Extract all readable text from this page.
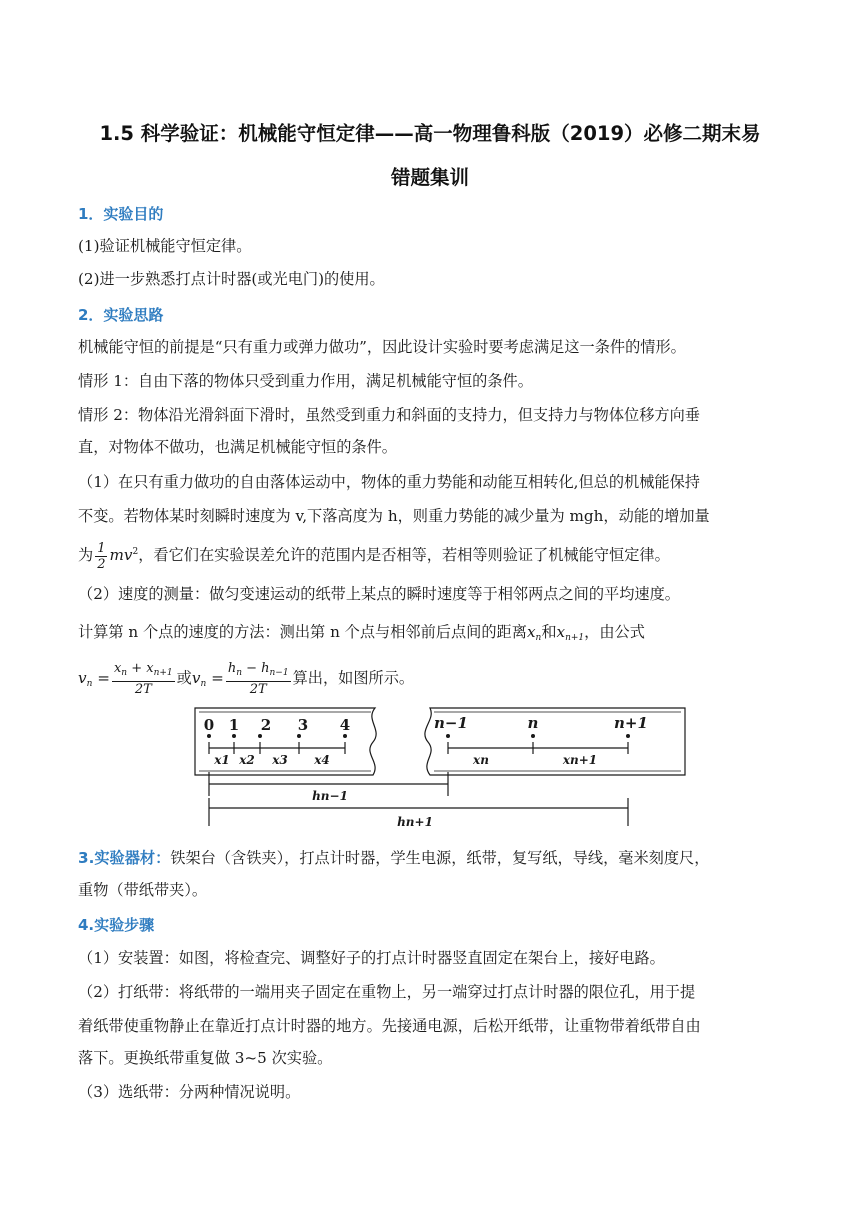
1.5 科学验证：机械能守恒定律——高一物理鲁科版（2019）必修二期末易
错题集训
1．实验目的
(1)验证机械能守恒定律。
(2)进一步熟悉打点计时器(或光电门)的使用。
2．实验思路
机械能守恒的前提是“只有重力或弹力做功”，因此设计实验时要考虑满足这一条件的情形。
情形 1：自由下落的物体只受到重力作用，满足机械能守恒的条件。
情形 2：物体沿光滑斜面下滑时，虽然受到重力和斜面的支持力，但支持力与物体位移方向垂
直，对物体不做功，也满足机械能守恒的条件。
（1）在只有重力做功的自由落体运动中，物体的重力势能和动能互相转化,但总的机械能保持
不变。若物体某时刻瞬时速度为 v,下落高度为 h，则重力势能的减少量为 mgh，动能的增加量
为 $\frac{1}{2} mv^2$，看它们在实验误差允许的范围内是否相等，若相等则验证了机械能守恒定律。
（2）速度的测量：做匀变速运动的纸带上某点的瞬时速度等于相邻两点之间的平均速度。
计算第 n 个点的速度的方法：测出第 n 个点与相邻前后点间的距离$x_n$和$x_{n+1}$，由公式
$v_n = \frac{x_n + x_{n+1}}{2T}$ 或$v_n = \frac{h_n - h_{n-1}}{2T}$ 算出，如图所示。
0 1 2 3 4	n−1	n	n+1
x1 x2 x3 x4	xn	xn+1
hn−1
hn+1
3.实验器材：铁架台（含铁夹），打点计时器，学生电源，纸带，复写纸，导线，毫米刻度尺，
重物（带纸带夹）。
4.实验步骤
（1）安装置：如图，将检查完、调整好子的打点计时器竖直固定在架台上，接好电路。
（2）打纸带：将纸带的一端用夹子固定在重物上，另一端穿过打点计时器的限位孔，用于提
着纸带使重物静止在靠近打点计时器的地方。先接通电源，后松开纸带，让重物带着纸带自由
落下。更换纸带重复做 3~5 次实验。
（3）选纸带：分两种情况说明。
